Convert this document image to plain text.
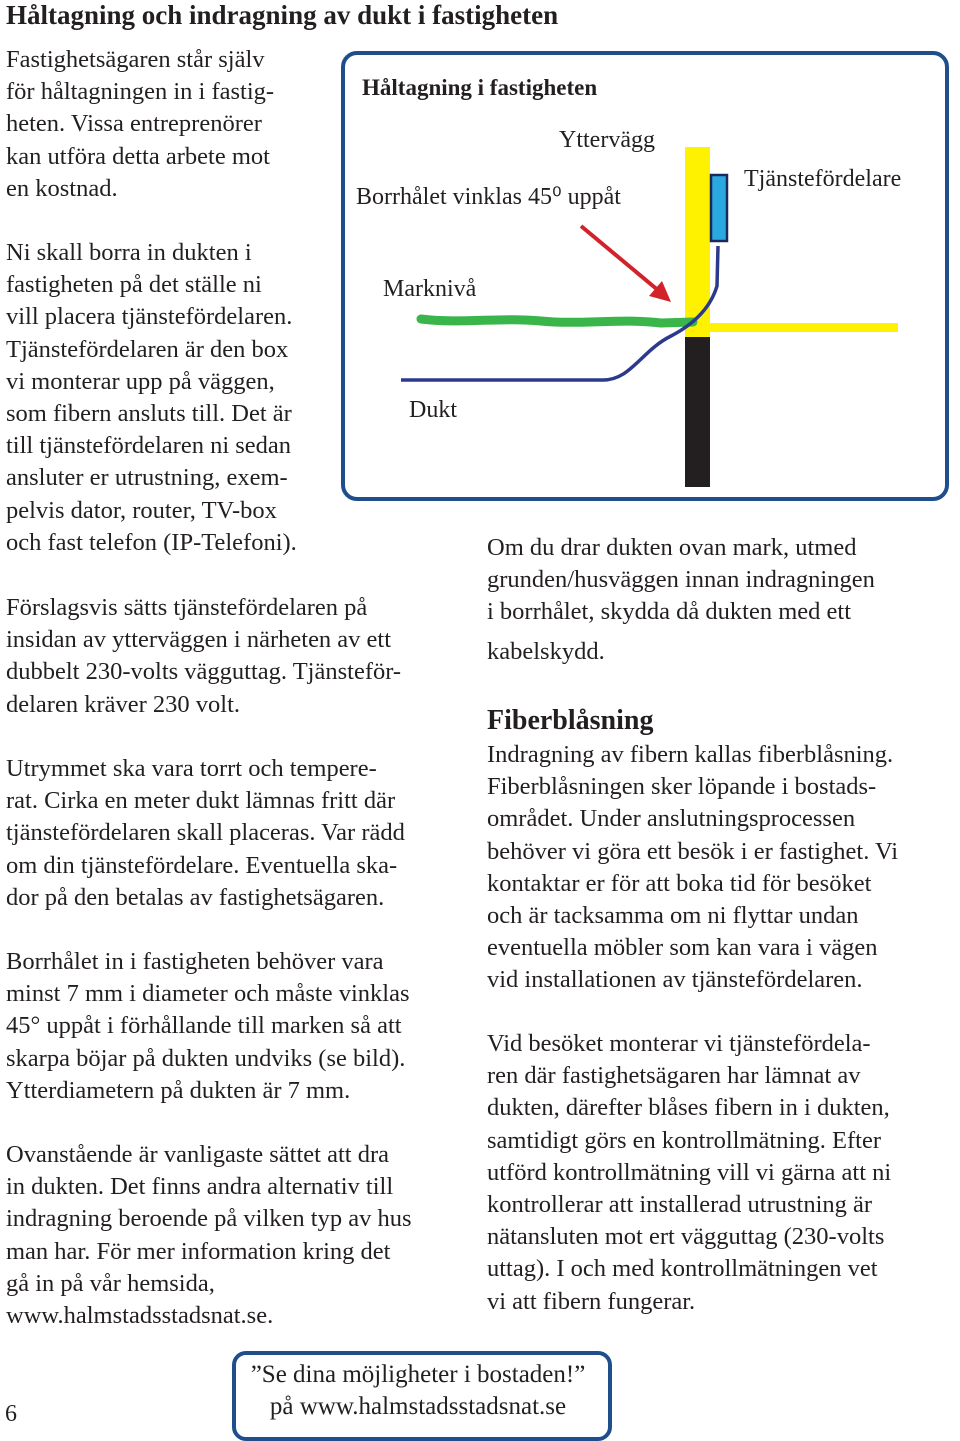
Håltagning och indragning av dukt i fastigheten
Fastighetsägaren står själv
för håltagningen in i fastig-
heten. Vissa entreprenörer
kan utföra detta arbete mot
en kostnad.
Ni skall borra in dukten i
fastigheten på det ställe ni
vill placera tjänstefördelaren.
Tjänstefördelaren är den box
vi monterar upp på väggen,
som fibern ansluts till. Det är
till tjänstefördelaren ni sedan
ansluter er utrustning, exem-
pelvis dator, router, TV-box
och fast telefon (IP-Telefoni).
Förslagsvis sätts tjänstefördelaren på
insidan av ytterväggen i närheten av ett
dubbelt 230-volts vägguttag. Tjänsteför-
delaren kräver 230 volt.
Utrymmet ska vara torrt och tempere-
rat. Cirka en meter dukt lämnas fritt där
tjänstefördelaren skall placeras. Var rädd
om din tjänstefördelare. Eventuella ska-
dor på den betalas av fastighetsägaren.
Borrhålet in i fastigheten behöver vara
minst 7 mm i diameter och måste vinklas
45° uppåt i förhållande till marken så att
skarpa böjar på dukten undviks (se bild).
Ytterdiametern på dukten är 7 mm.
Ovanstående är vanligaste sättet att dra
in dukten. Det finns andra alternativ till
indragning beroende på vilken typ av hus
man har. För mer information kring det
gå in på vår hemsida,
www.halmstadsstadsnat.se.
Håltagning i fastigheten
Yttervägg
Borrhålet vinklas 45⁰ uppåt
Tjänstefördelare
Marknivå
Dukt
Om du drar dukten ovan mark, utmed
grunden/husväggen innan indragningen
i borrhålet, skydda då dukten med ett
kabelskydd.
Fiberblåsning
Indragning av fibern kallas fiberblåsning.
Fiberblåsningen sker löpande i bostads-
området. Under anslutningsprocessen
behöver vi göra ett besök i er fastighet. Vi
kontaktar er för att boka tid för besöket
och är tacksamma om ni flyttar undan
eventuella möbler som kan vara i vägen
vid installationen av tjänstefördelaren.
Vid besöket monterar vi tjänstefördela-
ren där fastighetsägaren har lämnat av
dukten, därefter blåses fibern in i dukten,
samtidigt görs en kontrollmätning. Efter
utförd kontrollmätning vill vi gärna att ni
kontrollerar att installerad utrustning är
nätansluten mot ert vägguttag (230-volts
uttag). I och med kontrollmätningen vet
vi att fibern fungerar.
”Se dina möjligheter i bostaden!”
på www.halmstadsstadsnat.se
6
